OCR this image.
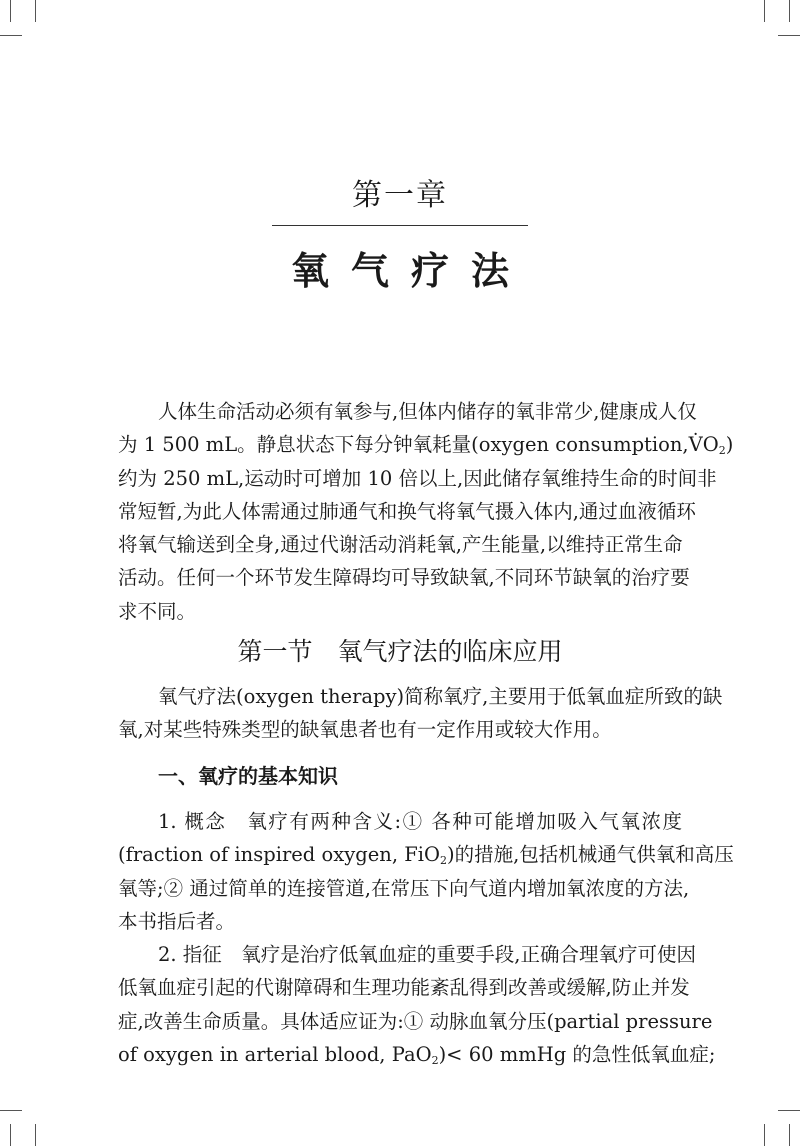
第一章
氧气疗法
人体生命活动必须有氧参与,但体内储存的氧非常少,健康成人仅
为 1 500 mL。静息状态下每分钟氧耗量(oxygen $consumption,V̇O_2$)
约为 250 mL,运动时可增加 10 倍以上,因此储存氧维持生命的时间非
常短暂,为此人体需通过肺通气和换气将氧气摄入体内,通过血液循环
将氧气输送到全身,通过代谢活动消耗氧,产生能量,以维持正常生命
活动。任何一个环节发生障碍均可导致缺氧,不同环节缺氧的治疗要
求不同。
第一节　氧气疗法的临床应用
氧气疗法(oxygen therapy)简称氧疗,主要用于低氧血症所致的缺
氧,对某些特殊类型的缺氧患者也有一定作用或较大作用。
一、氧疗的基本知识
1. 概念　氧疗有两种含义:① 各种可能增加吸入气氧浓度
(fraction of inspired oxygen, FiO$_2$)的措施,包括机械通气供氧和高压
氧等;② 通过简单的连接管道,在常压下向气道内增加氧浓度的方法,
本书指后者。
2. 指征　氧疗是治疗低氧血症的重要手段,正确合理氧疗可使因
低氧血症引起的代谢障碍和生理功能紊乱得到改善或缓解,防止并发
症,改善生命质量。具体适应证为:① 动脉血氧分压(partial pressure
of oxygen in arterial blood, PaO$_2$)< 60 mmHg 的急性低氧血症;
